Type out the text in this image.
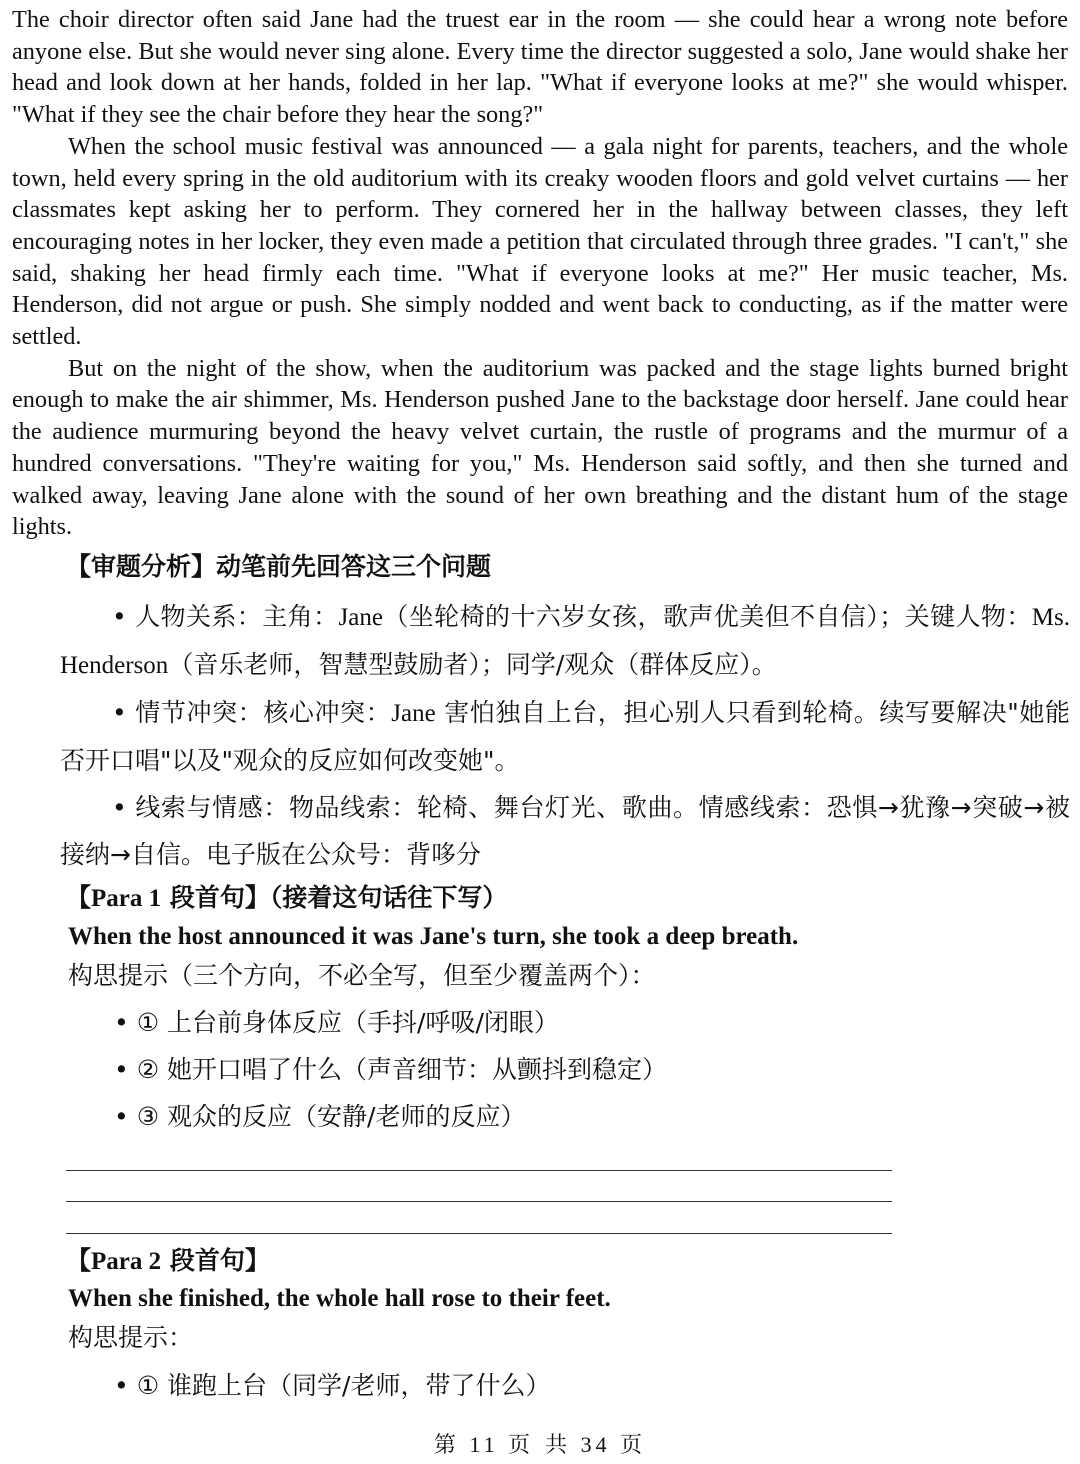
The choir director often said Jane had the truest ear in the room — she could hear a wrong note before anyone else. But she would never sing alone. Every time the director suggested a solo, Jane would shake her head and look down at her hands, folded in her lap. "What if everyone looks at me?" she would whisper. "What if they see the chair before they hear the song?"

When the school music festival was announced — a gala night for parents, teachers, and the whole town, held every spring in the old auditorium with its creaky wooden floors and gold velvet curtains — her classmates kept asking her to perform. They cornered her in the hallway between classes, they left encouraging notes in her locker, they even made a petition that circulated through three grades. "I can't," she said, shaking her head firmly each time. "What if everyone looks at me?" Her music teacher, Ms. Henderson, did not argue or push. She simply nodded and went back to conducting, as if the matter were settled.

But on the night of the show, when the auditorium was packed and the stage lights burned bright enough to make the air shimmer, Ms. Henderson pushed Jane to the backstage door herself. Jane could hear the audience murmuring beyond the heavy velvet curtain, the rustle of programs and the murmur of a hundred conversations. "They're waiting for you," Ms. Henderson said softly, and then she turned and walked away, leaving Jane alone with the sound of her own breathing and the distant hum of the stage lights.

【审题分析】动笔前先回答这三个问题

• 人物关系：主角：Jane（坐轮椅的十六岁女孩，歌声优美但不自信）；关键人物：Ms. Henderson（音乐老师，智慧型鼓励者）；同学/观众（群体反应）。

• 情节冲突：核心冲突：Jane 害怕独自上台，担心别人只看到轮椅。续写要解决"她能否开口唱"以及"观众的反应如何改变她"。

• 线索与情感：物品线索：轮椅、舞台灯光、歌曲。情感线索：恐惧→犹豫→突破→被接纳→自信。电子版在公众号：背哆分

【Para 1 段首句】（接着这句话往下写）
When the host announced it was Jane's turn, she took a deep breath.
构思提示（三个方向，不必全写，但至少覆盖两个）：
• ① 上台前身体反应（手抖/呼吸/闭眼）
• ② 她开口唱了什么（声音细节：从颤抖到稳定）
• ③ 观众的反应（安静/老师的反应）
【Para 2 段首句】
When she finished, the whole hall rose to their feet.
构思提示：
• ① 谁跑上台（同学/老师，带了什么）
第 11 页 共 34 页
